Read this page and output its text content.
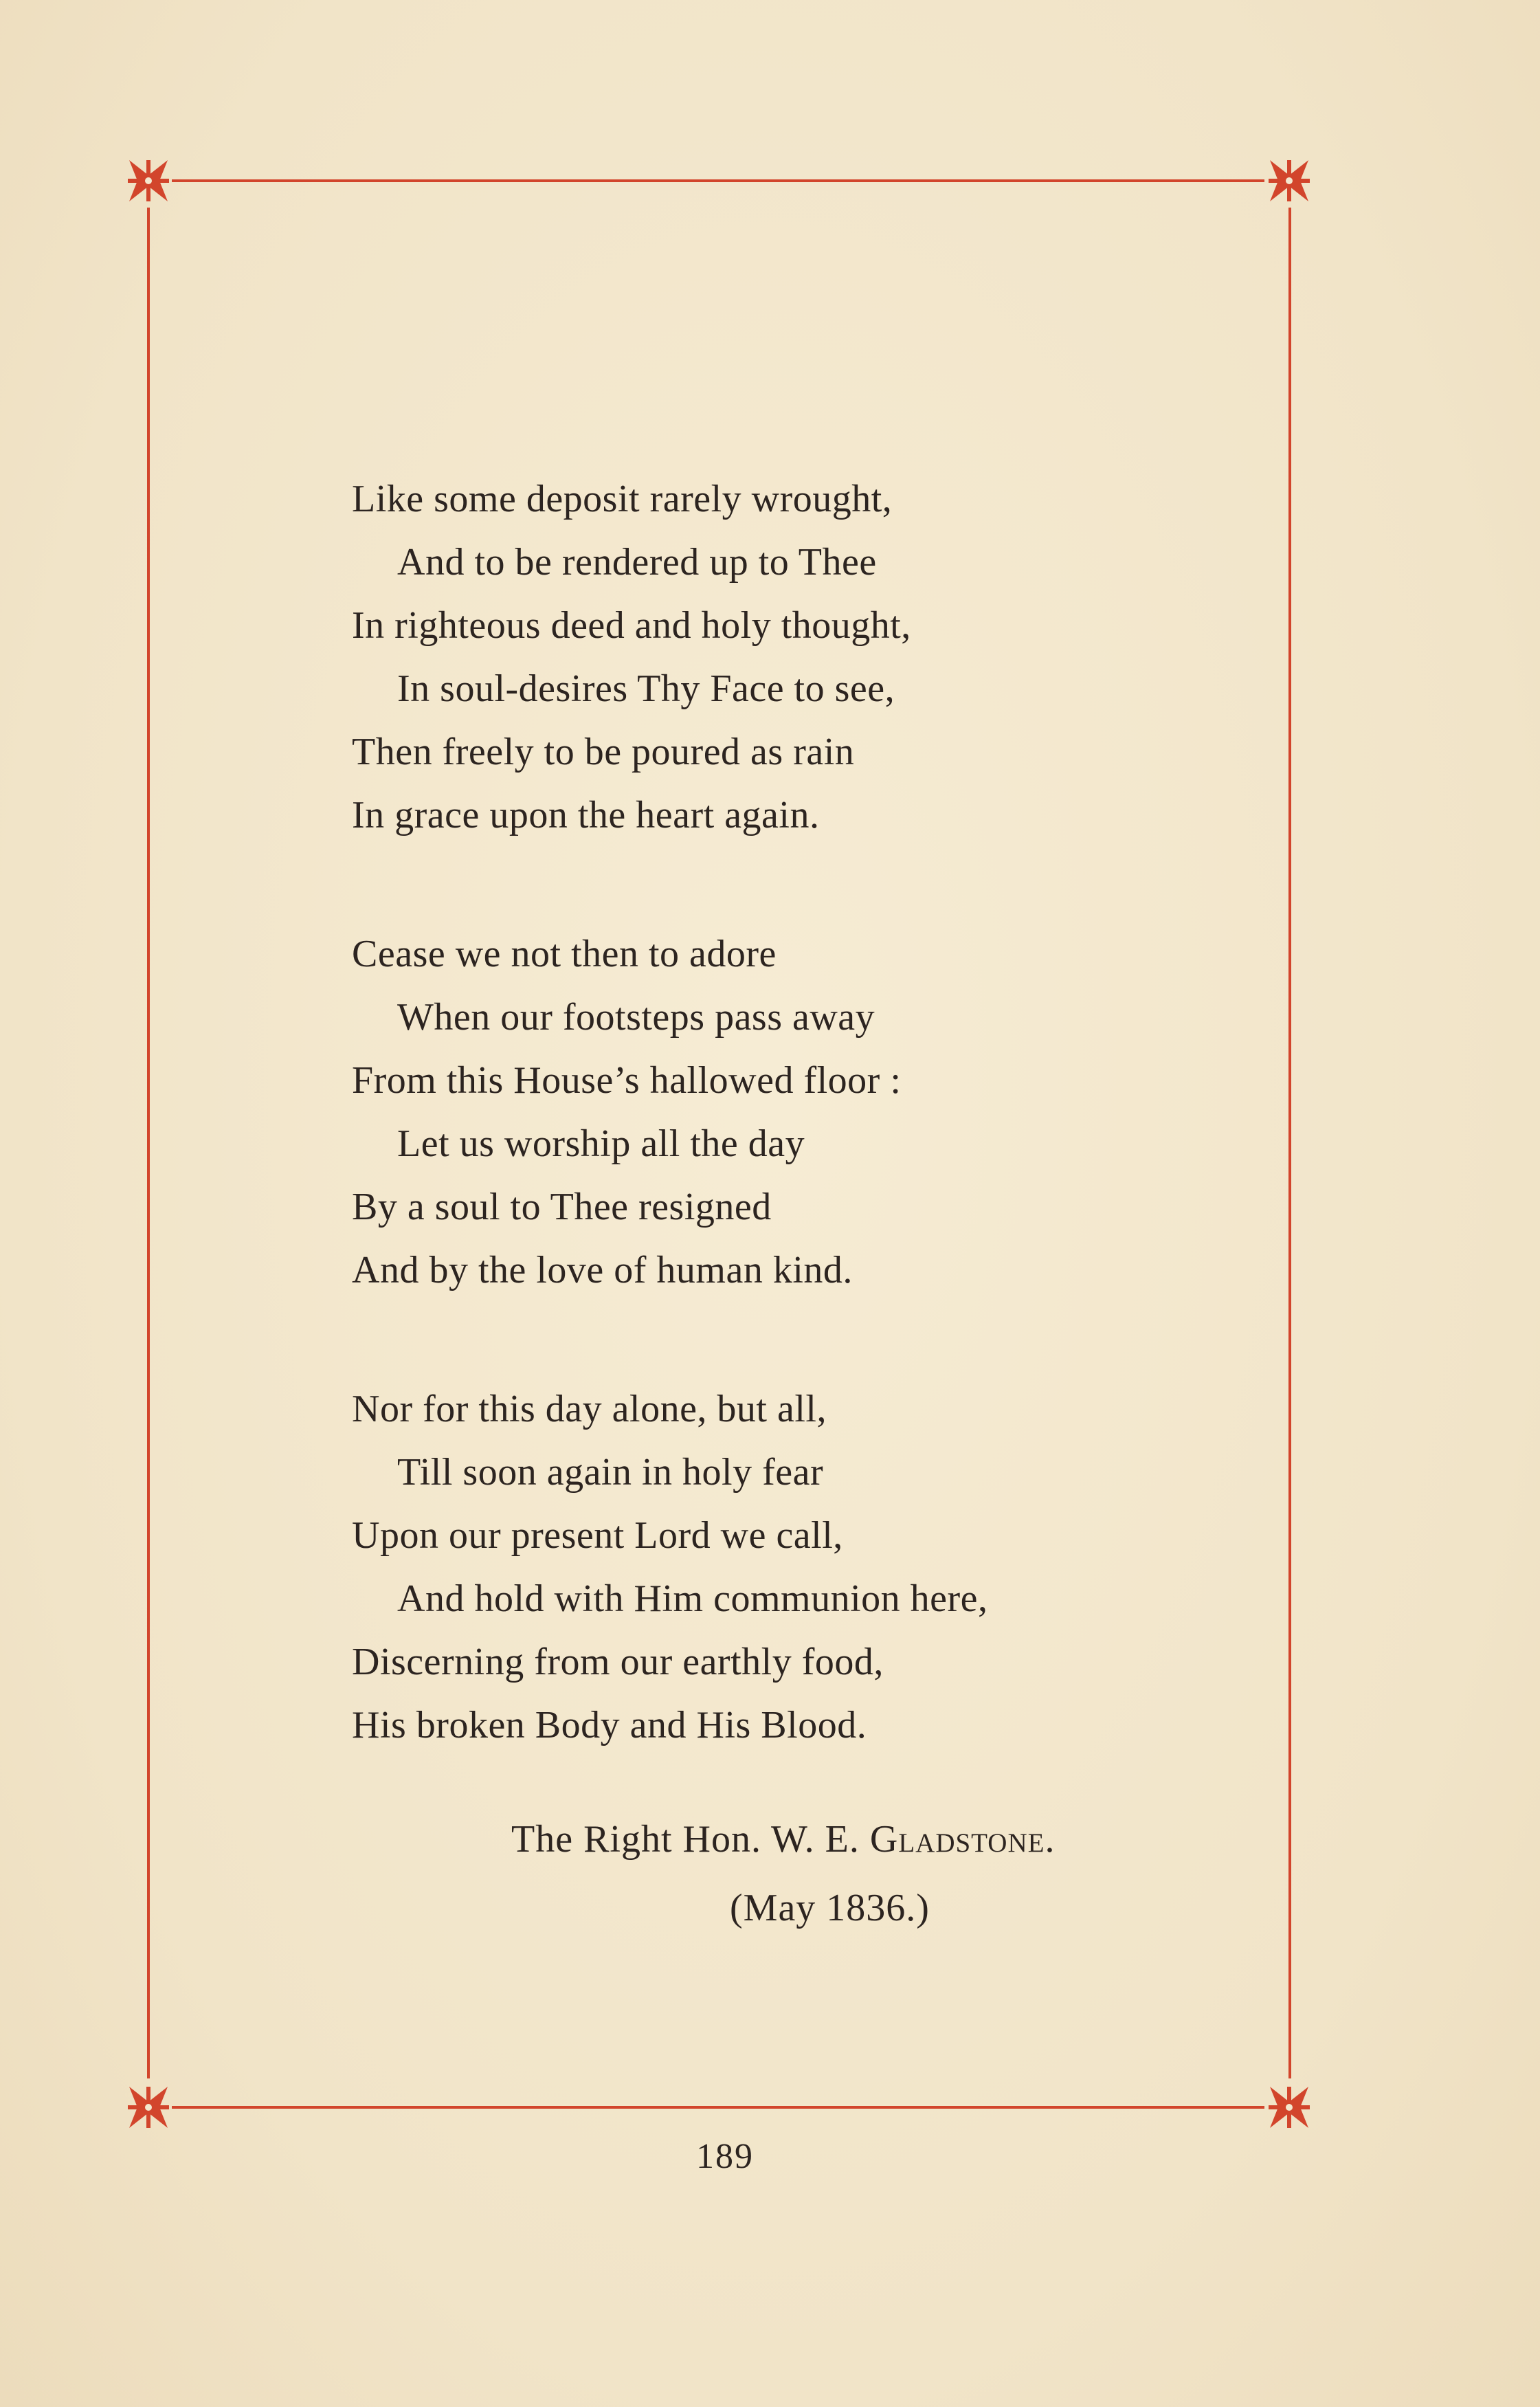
Like some deposit rarely wrought,
And to be rendered up to Thee
In righteous deed and holy thought,
In soul-desires Thy Face to see,
Then freely to be poured as rain
In grace upon the heart again.
Cease we not then to adore
When our footsteps pass away
From this House’s hallowed floor :
Let us worship all the day
By a soul to Thee resigned
And by the love of human kind.
Nor for this day alone, but all,
Till soon again in holy fear
Upon our present Lord we call,
And hold with Him communion here,
Discerning from our earthly food,
His broken Body and His Blood.
The Right Hon. W. E. Gladstone.
(May 1836.)
189
